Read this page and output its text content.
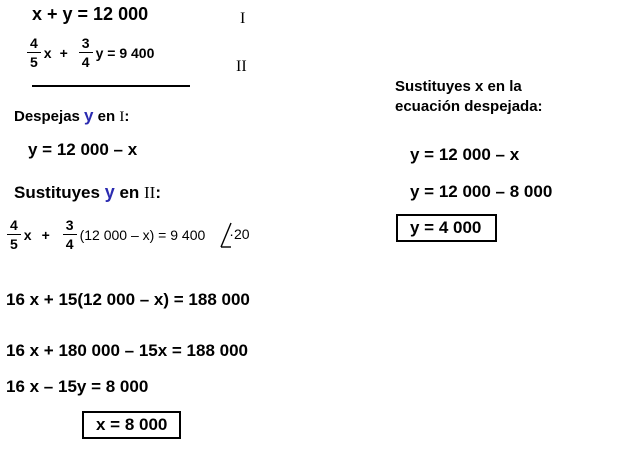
x + y = 12 000	I
$\frac{4}{5}$ $x + \frac{3}{4}$ y = 9 400
II
Despejas y en I:
y = 12 000 – x
Sustituyes y en II:
$\frac{4}{5}$ $x + \frac{3}{4} (12$ 000 – x) = 9 400 ·20
16 x + 15(12 000 – x) = 188 000
16 x + 180 000 – 15x = 188 000
16 x – 15y = 8 000
x = 8 000
Sustituyes x en la
ecuación despejada:
y = 12 000 – x
y = 12 000 – 8 000
y = 4 000
